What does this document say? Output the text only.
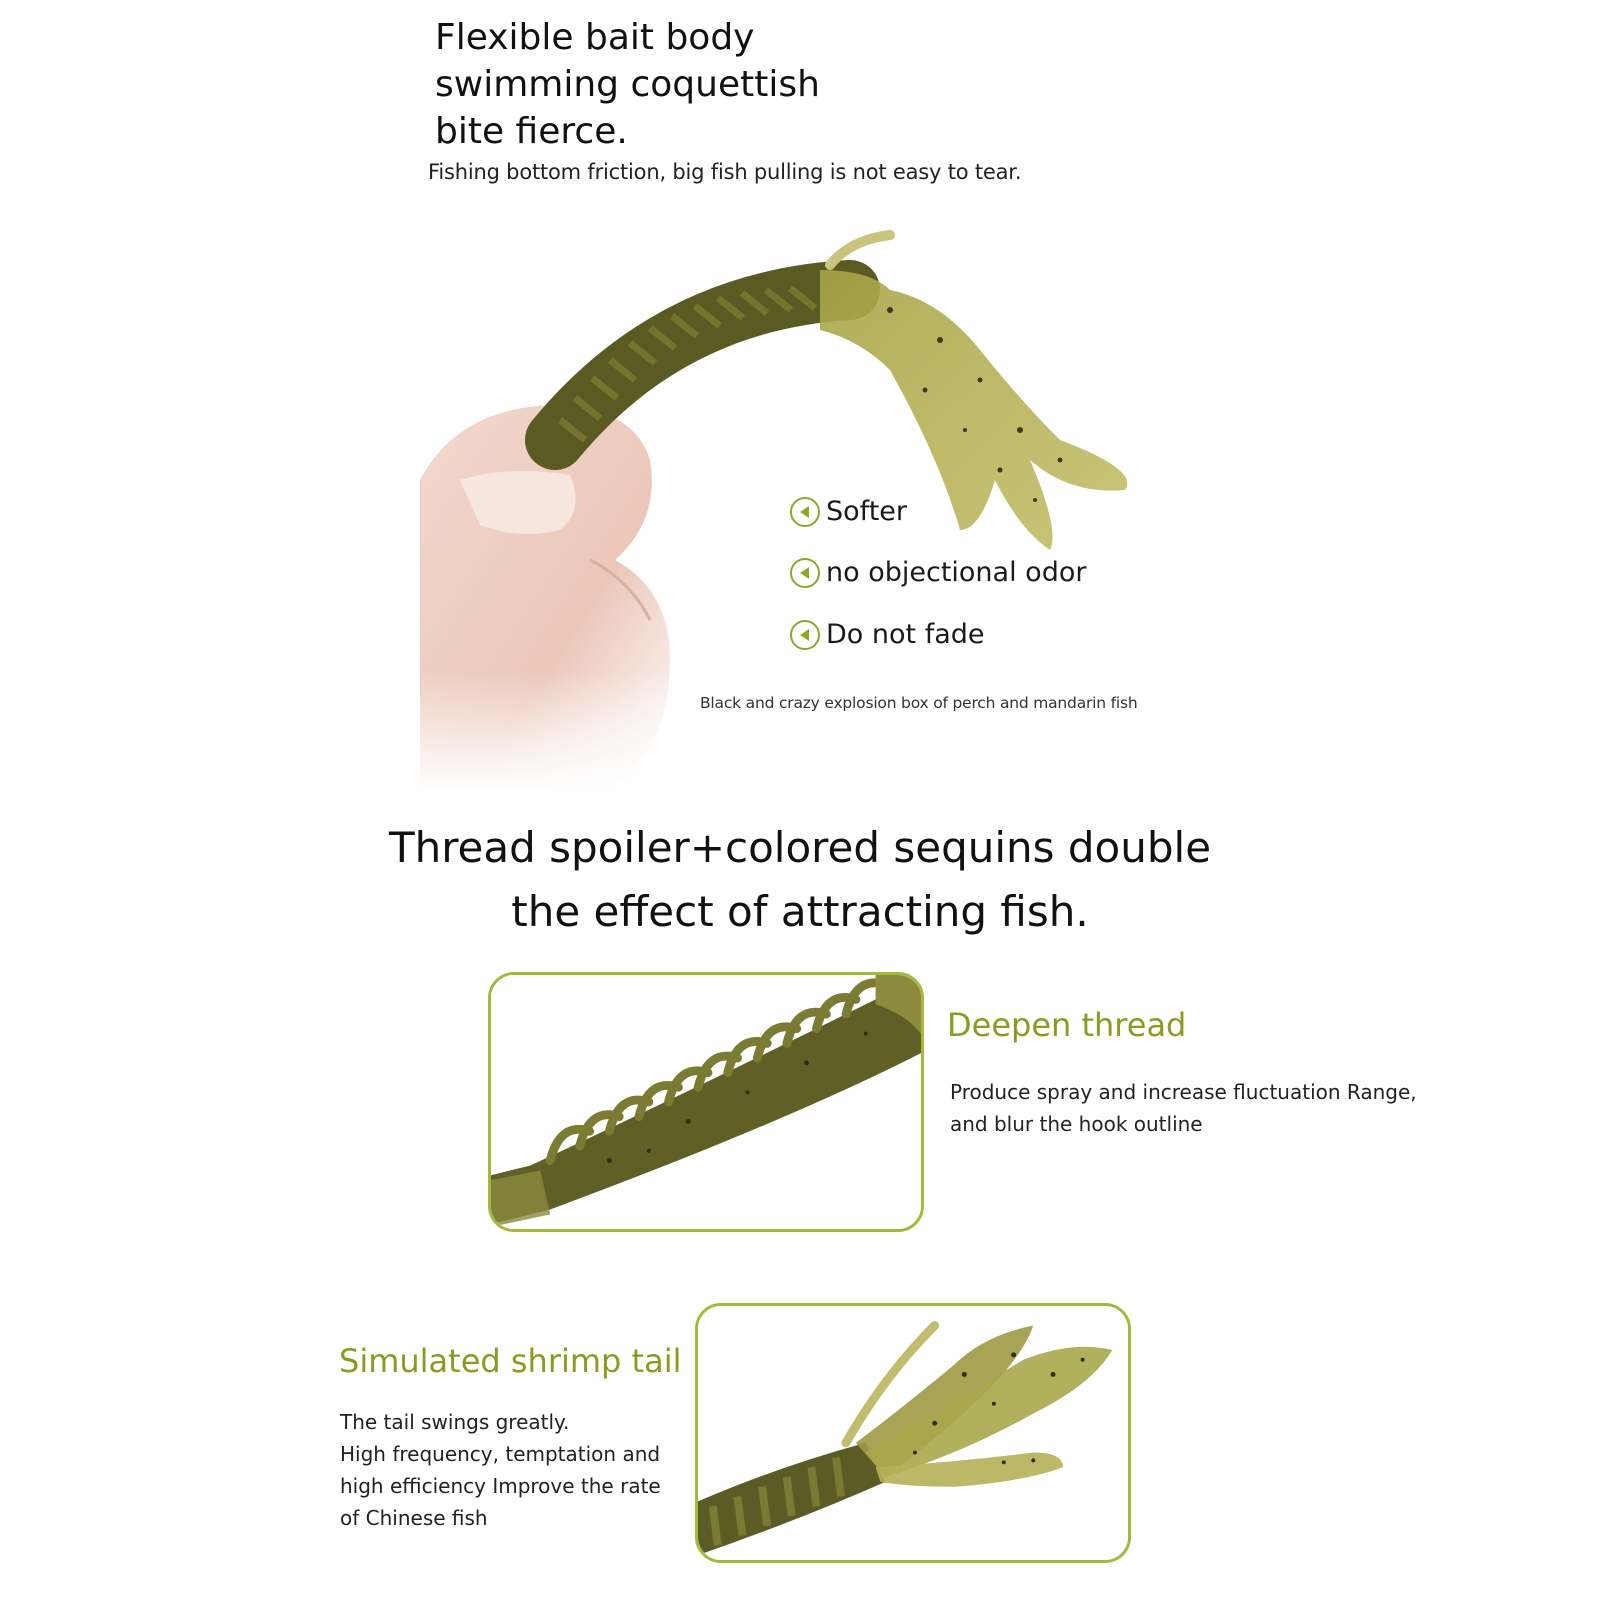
Flexible bait body
swimming coquettish
bite fierce.
Fishing bottom friction, big fish pulling is not easy to tear.
Softer
no objectional odor
Do not fade
Black and crazy explosion box of perch and mandarin fish
Thread spoiler+colored sequins double
the effect of attracting fish.
Deepen thread
Produce spray and increase fluctuation Range,
and blur the hook outline
Simulated shrimp tail
The tail swings greatly.
High frequency, temptation and
high efficiency Improve the rate
of Chinese fish
